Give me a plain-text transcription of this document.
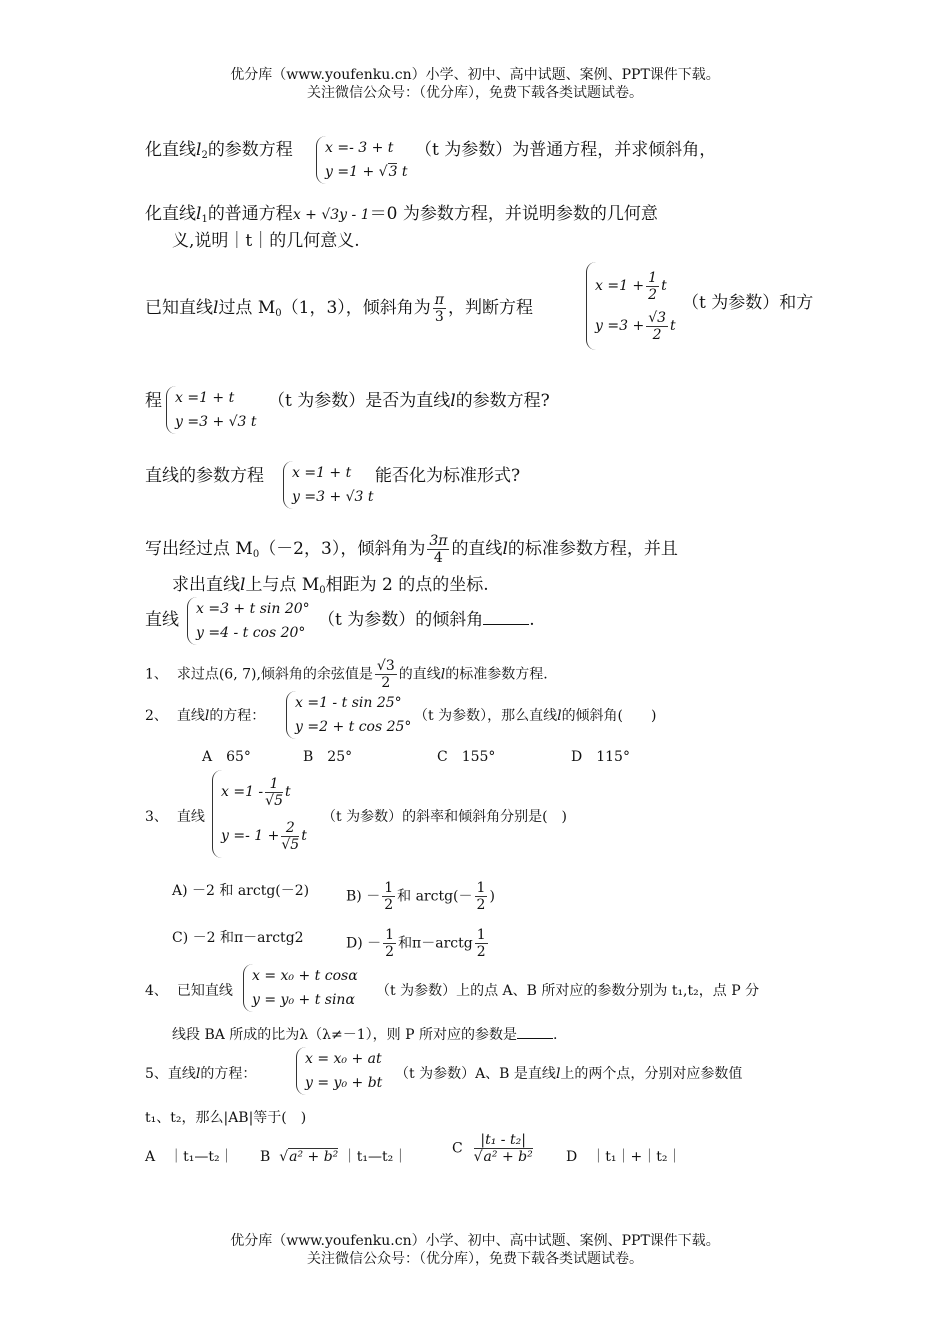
优分库（www.youfenku.cn）小学、初中、高中试题、案例、PPT课件下载。
关注微信公众号：（优分库），免费下载各类试题试卷。
化直线$l_2$的参数方程 x =- 3 + t
y =1 + √3 t
（t 为参数）为普通方程，并求倾斜角，
化直线$l_1$的普通方程x + √3y - 1＝0 为参数方程，并说明参数的几何意
义,说明｜t｜的几何意义.
已知直线l过点 $M_0(1$，3），倾斜角为 $\frac{\pi}{3}$ ，判断方程
$x =1 + \frac{1}{2}$ t
$y =3 + \frac{√3}{2}$ t
（t 为参数）和方
程 x =1 + t
y =3 + √3 t
（t 为参数）是否为直线l的参数方程?
直线的参数方程 x =1 + t
y =3 + √3 t
能否化为标准形式?
写出经过点 $M_0(-2$，3），倾斜角为 $\frac{3\pi}{4}$ 的直线l的标准参数方程，并且
求出直线l上与点 $M_0$相距为 2 的点的坐标.
直线
x =3 + t sin 20°
y =4 - t cos 20°
（t 为参数）的倾斜角	.
1、 求过点(6, 7),倾斜角的余弦值是 $\frac{√3}{2}$ 的直线l的标准参数方程.
2、 直线l的方程：
x =1 - t sin 25°
y =2 + t cos 25°
（t 为参数），那么直线l的倾斜角(　　)
A　65°	B　25°	C　155°	D　115°
3、 直线
$x =1 - \frac{1}{√5}$ t
$y =- 1 + \frac{2}{√5}$ t
（t 为参数）的斜率和倾斜角分别是(　)
A) －2 和 arctg(－2)	$B) - \frac{1}{2}$ 和 arctg(－ $\frac{1}{2}$ )
C) －2 和π－arctg2	$D) - \frac{1}{2}$ 和π－arctg $\frac{1}{2}$
4、 已知直线
x = x₀ + t cosα
y = y₀ + t sinα
（t 为参数）上的点 A、B 所对应的参数分别为 t₁,t₂，点 P 分
线段 BA 所成的比为λ（λ≠－1），则 P 所对应的参数是	.
5、直线l的方程：
x = x₀ + at
y = y₀ + bt
（t 为参数）A、B 是直线l上的两个点，分别对应参数值
t₁、t₂，那么|AB|等于(　)
A　｜t₁—t₂｜ B  √a² + b² ｜t₁—t₂｜
C $\frac{\text{|t₁ - t₂|}}{\text{√a² + b²}}$ D　｜t₁｜+｜t₂｜
优分库（www.youfenku.cn）小学、初中、高中试题、案例、PPT课件下载。
关注微信公众号：（优分库），免费下载各类试题试卷。
